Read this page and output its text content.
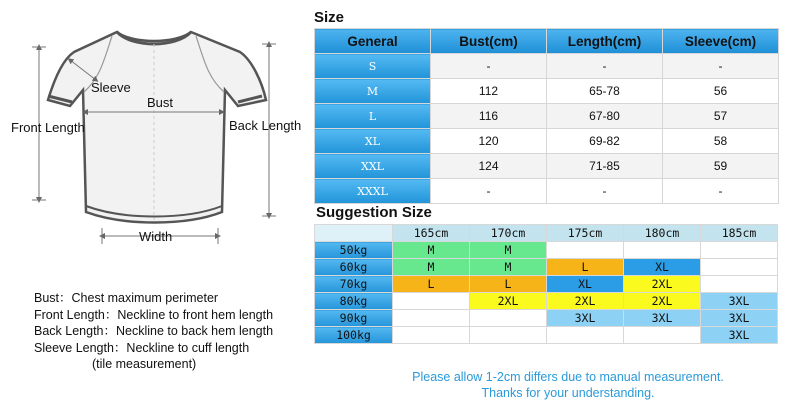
Sleeve
Bust
Front Length	Back Length
Width
Bust：Chest maximum perimeter
Front Length：Neckline to front hem length
Back Length：Neckline to back hem length
Sleeve Length：Neckline to cuff length
(tile measurement)
Size
General	Bust(cm)	Length(cm)	Sleeve(cm)
S	-	-	-
M	112	65-78	56
L	116	67-80	57
XL	120	69-82	58
XXL	124	71-85	59
XXXL	-	-	-
Suggestion Size
	165cm	170cm	175cm	180cm	185cm
50kg	M	M			
60kg	M	M	L	XL	
70kg	L	L	XL	2XL	
80kg		2XL	2XL	2XL	3XL
90kg			3XL	3XL	3XL
100kg					3XL
Please allow 1-2cm differs due to manual measurement. Thanks for your understanding.
